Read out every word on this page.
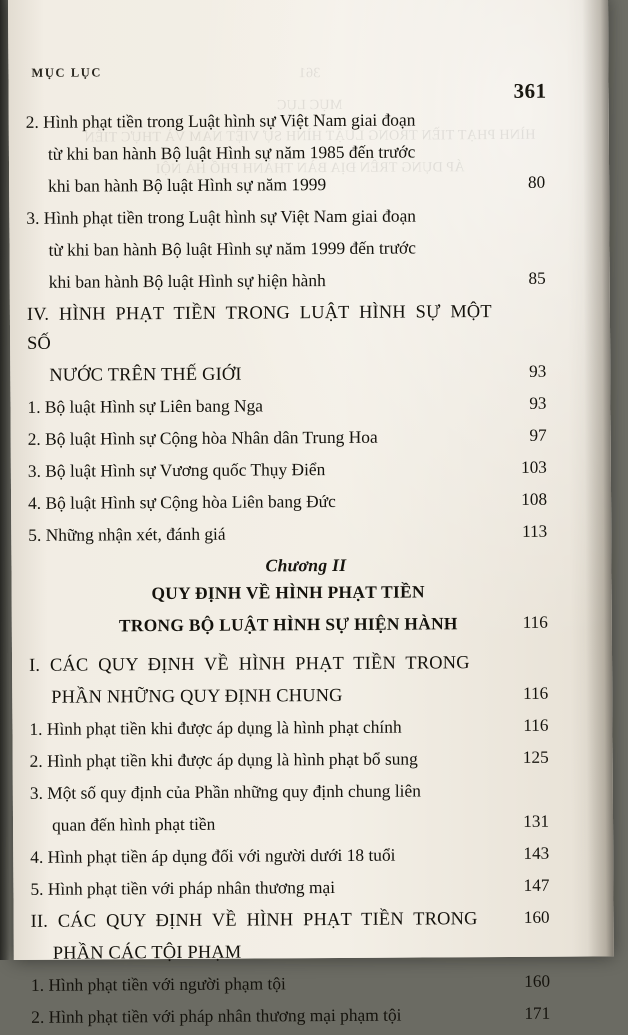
361
MỤC LỤC
HÌNH PHẠT TIỀN TRONG LUẬT HÌNH SỰ VIỆT NAM VÀ THỰC TIỄN
ÁP DỤNG TRÊN ĐỊA BÀN THÀNH PHỐ HÀ NỘI
MỤC LỤC
361
2. Hình phạt tiền trong Luật hình sự Việt Nam giai đoạn
từ khi ban hành Bộ luật Hình sự năm 1985 đến trước
khi ban hành Bộ luật Hình sự năm 1999	80
3. Hình phạt tiền trong Luật hình sự Việt Nam giai đoạn
từ khi ban hành Bộ luật Hình sự năm 1999 đến trước
khi ban hành Bộ luật Hình sự hiện hành	85
IV. HÌNH PHẠT TIỀN TRONG LUẬT HÌNH SỰ MỘT SỐ
NƯỚC TRÊN THẾ GIỚI	93
1. Bộ luật Hình sự Liên bang Nga	93
2. Bộ luật Hình sự Cộng hòa Nhân dân Trung Hoa	97
3. Bộ luật Hình sự Vương quốc Thụy Điển	103
4. Bộ luật Hình sự Cộng hòa Liên bang Đức	108
5. Những nhận xét, đánh giá	113
Chương II
QUY ĐỊNH VỀ HÌNH PHẠT TIỀN
TRONG BỘ LUẬT HÌNH SỰ HIỆN HÀNH	116
I. CÁC QUY ĐỊNH VỀ HÌNH PHẠT TIỀN TRONG
PHẦN NHỮNG QUY ĐỊNH CHUNG	116
1. Hình phạt tiền khi được áp dụng là hình phạt chính	116
2. Hình phạt tiền khi được áp dụng là hình phạt bổ sung	125
3. Một số quy định của Phần những quy định chung liên
quan đến hình phạt tiền	131
4. Hình phạt tiền áp dụng đối với người dưới 18 tuổi	143
5. Hình phạt tiền với pháp nhân thương mại	147
II. CÁC QUY ĐỊNH VỀ HÌNH PHẠT TIỀN TRONG	160
PHẦN CÁC TỘI PHẠM
1. Hình phạt tiền với người phạm tội	160
2. Hình phạt tiền với pháp nhân thương mại phạm tội	171
